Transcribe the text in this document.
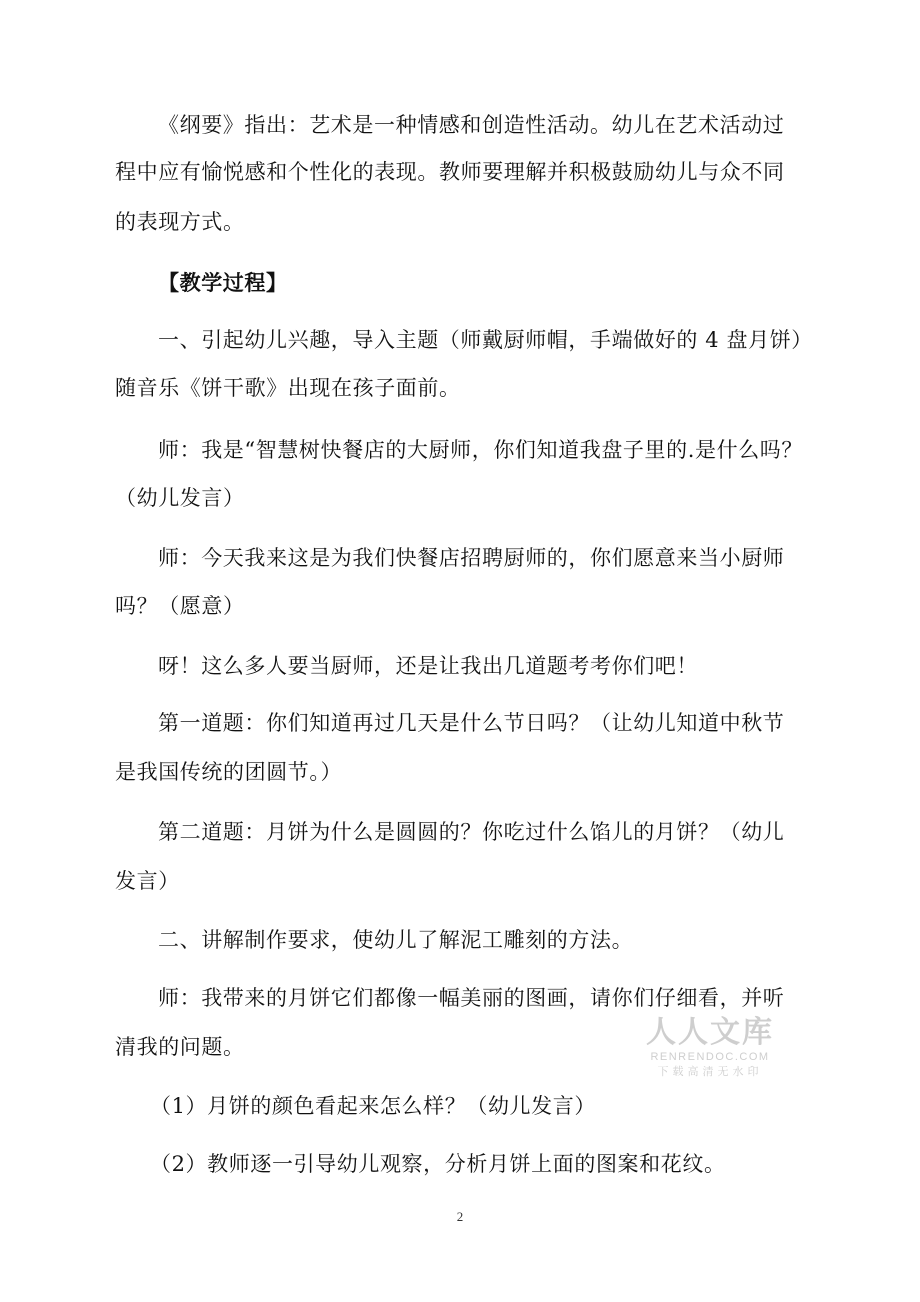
《纲要》指出：艺术是一种情感和创造性活动。幼儿在艺术活动过
程中应有愉悦感和个性化的表现。教师要理解并积极鼓励幼儿与众不同
的表现方式。
【教学过程】
一、引起幼儿兴趣，导入主题（师戴厨师帽，手端做好的 4 盘月饼）
随音乐《饼干歌》出现在孩子面前。
师：我是“智慧树快餐店的大厨师，你们知道我盘子里的.是什么吗？
（幼儿发言）
师：今天我来这是为我们快餐店招聘厨师的，你们愿意来当小厨师
吗？（愿意）
呀！这么多人要当厨师，还是让我出几道题考考你们吧！
第一道题：你们知道再过几天是什么节日吗？（让幼儿知道中秋节
是我国传统的团圆节。）
第二道题：月饼为什么是圆圆的？你吃过什么馅儿的月饼？（幼儿
发言）
二、讲解制作要求，使幼儿了解泥工雕刻的方法。
师：我带来的月饼它们都像一幅美丽的图画，请你们仔细看，并听
清我的问题。
（1）月饼的颜色看起来怎么样？（幼儿发言）
（2）教师逐一引导幼儿观察，分析月饼上面的图案和花纹。
2
人人文库
RENRENDOC.COM
下载高清无水印
